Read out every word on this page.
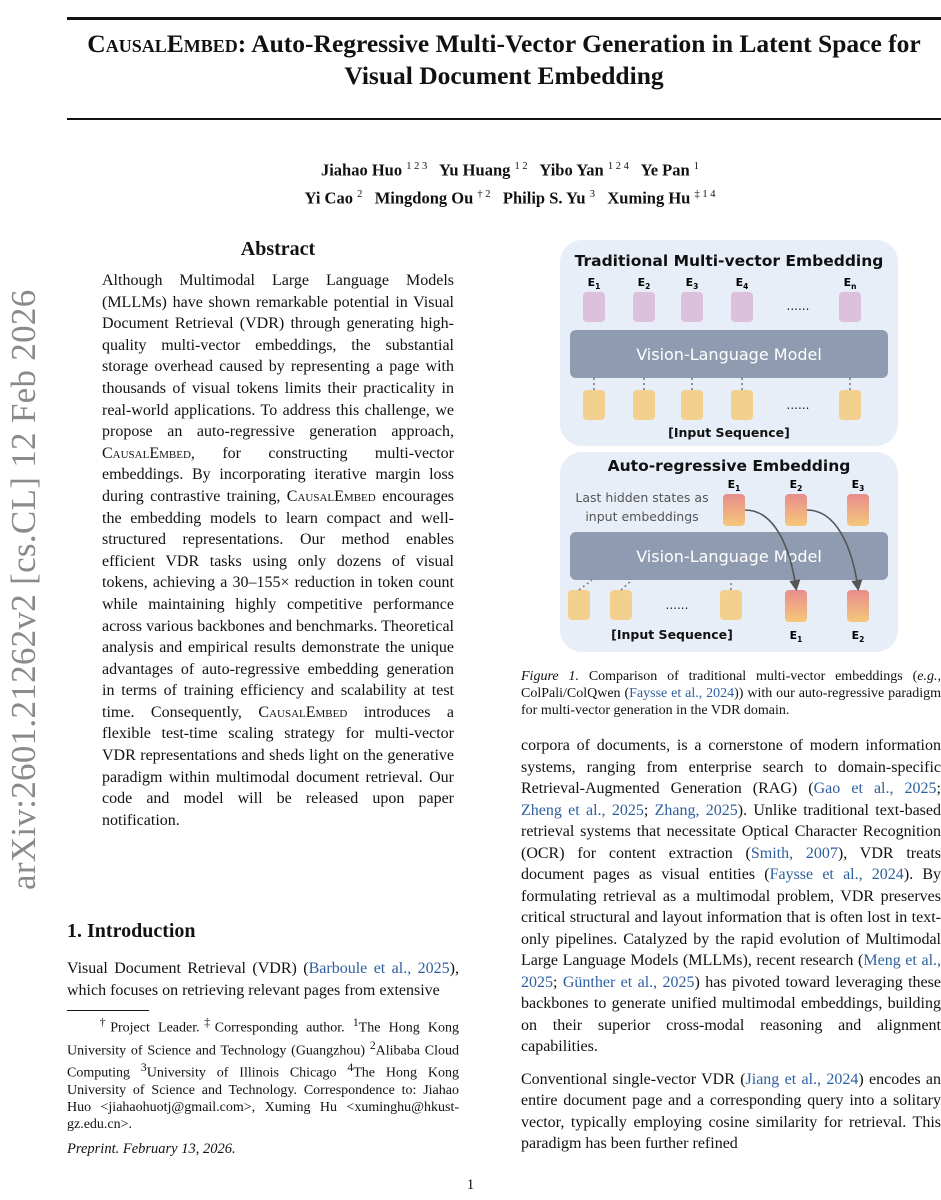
CausalEmbed: Auto-Regressive Multi-Vector Generation in Latent Space for
Visual Document Embedding
Jiahao Huo $^{1 2 3}$ Yu Huang $^{1 2}$ Yibo Yan $^{1 2 4}$ Ye Pan $^1$
Yi Cao $^2$ Mingdong Ou $^{\dagger 2}$ Philip S. Yu $^3$ Xuming Hu $^{\ddagger 1 4}$
arXiv:2601.21262v2 [cs.CL] 12 Feb 2026
Abstract
Although Multimodal Large Language Models (MLLMs) have shown remarkable potential in Visual Document Retrieval (VDR) through generating high-quality multi-vector embeddings, the substantial storage overhead caused by representing a page with thousands of visual tokens limits their practicality in real-world applications. To address this challenge, we propose an auto-regressive generation approach, CausalEmbed, for constructing multi-vector embeddings. By incorporating iterative margin loss during contrastive training, CausalEmbed encourages the embedding models to learn compact and well-structured representations. Our method enables efficient VDR tasks using only dozens of visual tokens, achieving a 30–155× reduction in token count while maintaining highly competitive performance across various backbones and benchmarks. Theoretical analysis and empirical results demonstrate the unique advantages of auto-regressive embedding generation in terms of training efficiency and scalability at test time. Consequently, CausalEmbed introduces a flexible test-time scaling strategy for multi-vector VDR representations and sheds light on the generative paradigm within multimodal document retrieval. Our code and model will be released upon paper notification.
1. Introduction
Visual Document Retrieval (VDR) (Barboule et al., 2025), which focuses on retrieving relevant pages from extensive
†Project Leader.‡Corresponding author. $^1$The Hong Kong University of Science and Technology (Guangzhou) $^2$Alibaba Cloud Computing $^3$University of Illinois Chicago $^4$The Hong Kong University of Science and Technology. Correspondence to: Jiahao Huo <jiahaohuotj@gmail.com>, Xuming Hu <xuminghu@hkust-gz.edu.cn>.
Preprint. February 13, 2026.
1
Traditional Multi-vector Embedding
$E_1$	$E_2$	$E_3$	$E_4$	$E_n$
......
Vision-Language Model
......
[Input Sequence]
Auto-regressive Embedding
Last hidden states as
input embeddings
$E_1$	$E_2$	$E_3$
Vision-Language Model
......
[Input Sequence]	$E_1$	$E_2$
Figure 1. Comparison of traditional multi-vector embeddings (e.g., ColPali/ColQwen (Faysse et al., 2024)) with our auto-regressive paradigm for multi-vector generation in the VDR domain.

corpora of documents, is a cornerstone of modern information systems, ranging from enterprise search to domain-specific Retrieval-Augmented Generation (RAG) (Gao et al., 2025; Zheng et al., 2025; Zhang, 2025). Unlike traditional text-based retrieval systems that necessitate Optical Character Recognition (OCR) for content extraction (Smith, 2007), VDR treats document pages as visual entities (Faysse et al., 2024). By formulating retrieval as a multimodal problem, VDR preserves critical structural and layout information that is often lost in text-only pipelines. Catalyzed by the rapid evolution of Multimodal Large Language Models (MLLMs), recent research (Meng et al., 2025; Günther et al., 2025) has pivoted toward leveraging these backbones to generate unified multimodal embeddings, building on their superior cross-modal reasoning and alignment capabilities.

Conventional single-vector VDR (Jiang et al., 2024) encodes an entire document page and a corresponding query into a solitary vector, typically employing cosine similarity for retrieval. This paradigm has been further refined
